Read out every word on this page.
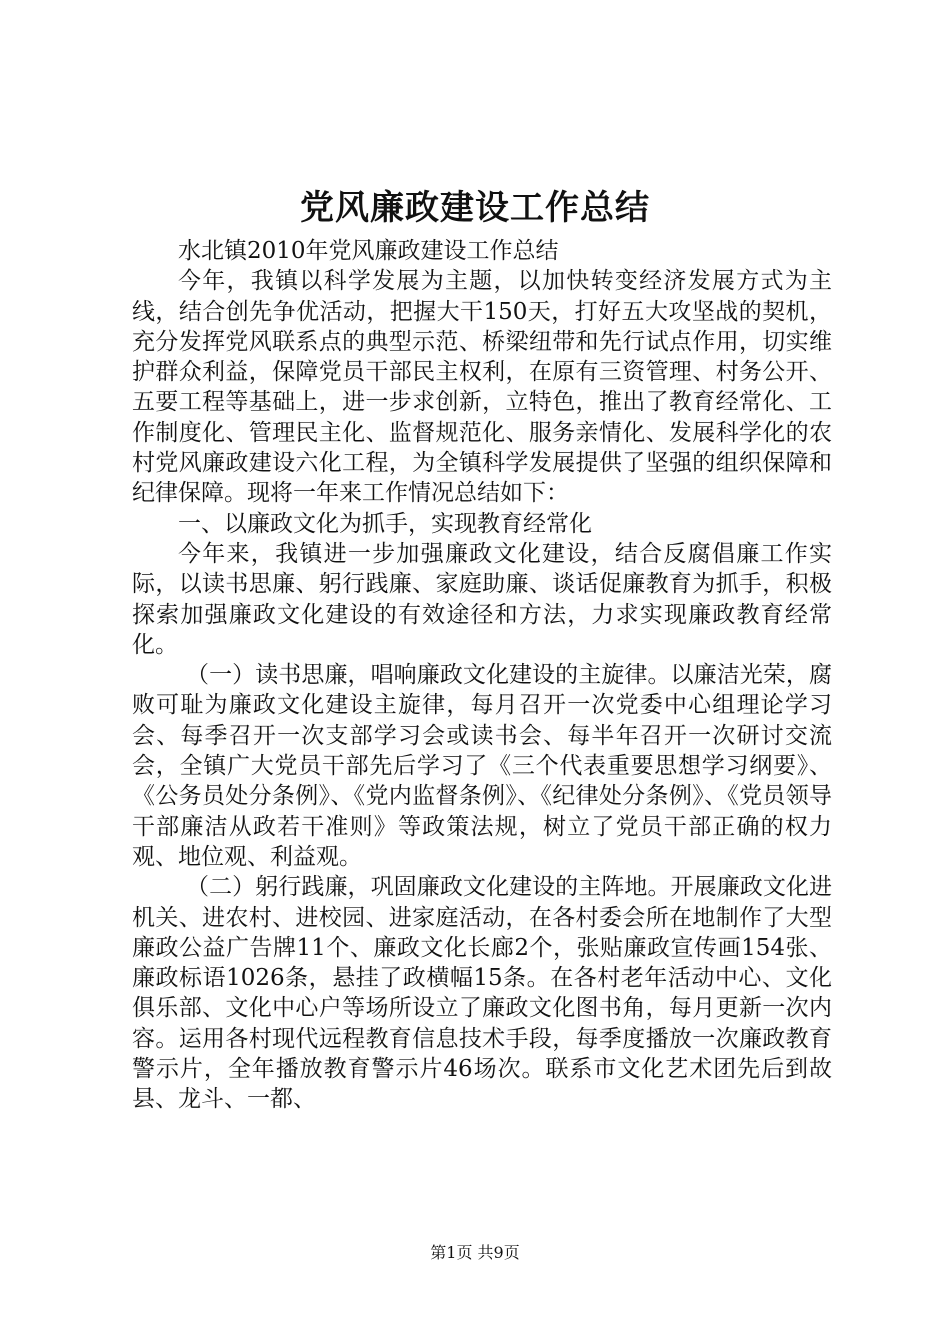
党风廉政建设工作总结

水北镇2010年党风廉政建设工作总结

今年，我镇以科学发展为主题，以加快转变经济发展方式为主线，结合创先争优活动，把握大干150天，打好五大攻坚战的契机，充分发挥党风联系点的典型示范、桥梁纽带和先行试点作用，切实维护群众利益，保障党员干部民主权利，在原有三资管理、村务公开、五要工程等基础上，进一步求创新，立特色，推出了教育经常化、工作制度化、管理民主化、监督规范化、服务亲情化、发展科学化的农村党风廉政建设六化工程，为全镇科学发展提供了坚强的组织保障和纪律保障。现将一年来工作情况总结如下：

一、以廉政文化为抓手，实现教育经常化

今年来，我镇进一步加强廉政文化建设，结合反腐倡廉工作实际，以读书思廉、躬行践廉、家庭助廉、谈话促廉教育为抓手，积极探索加强廉政文化建设的有效途径和方法，力求实现廉政教育经常化。

（一）读书思廉，唱响廉政文化建设的主旋律。以廉洁光荣，腐败可耻为廉政文化建设主旋律，每月召开一次党委中心组理论学习会、每季召开一次支部学习会或读书会、每半年召开一次研讨交流会，全镇广大党员干部先后学习了《三个代表重要思想学习纲要》、《公务员处分条例》、《党内监督条例》、《纪律处分条例》、《党员领导干部廉洁从政若干准则》等政策法规，树立了党员干部正确的权力观、地位观、利益观。

（二）躬行践廉，巩固廉政文化建设的主阵地。开展廉政文化进机关、进农村、进校园、进家庭活动，在各村委会所在地制作了大型廉政公益广告牌11个、廉政文化长廊2个，张贴廉政宣传画154张、廉政标语1026条，悬挂了政横幅15条。在各村老年活动中心、文化俱乐部、文化中心户等场所设立了廉政文化图书角，每月更新一次内容。运用各村现代远程教育信息技术手段，每季度播放一次廉政教育警示片，全年播放教育警示片46场次。联系市文化艺术团先后到故县、龙斗、一都、

第1页 共9页
